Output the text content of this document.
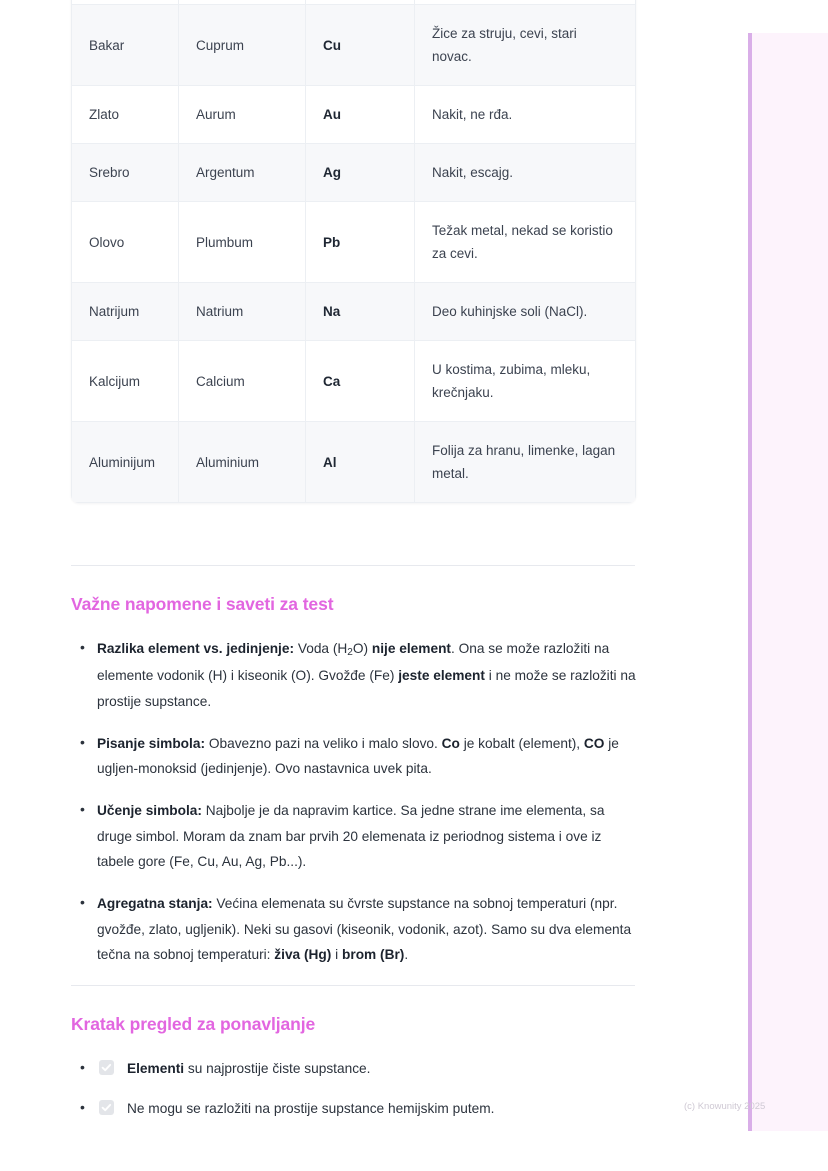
Bakar	Cuprum	Cu	Žice za struju, cevi, stari novac.
Zlato	Aurum	Au	Nakit, ne rđa.
Srebro	Argentum	Ag	Nakit, escajg.
Olovo	Plumbum	Pb	Težak metal, nekad se koristio za cevi.
Natrijum	Natrium	Na	Deo kuhinjske soli (NaCl).
Kalcijum	Calcium	Ca	U kostima, zubima, mleku, krečnjaku.
Aluminijum	Aluminium	Al	Folija za hranu, limenke, lagan metal.
Važne napomene i saveti za test
• Razlika element vs. jedinjenje: Voda $(H_2O)$ nije element. Ona se može razložiti na elemente vodonik (H) i kiseonik (O). Gvožđe (Fe) jeste element i ne može se razložiti na prostije supstance.
• Pisanje simbola: Obavezno pazi na veliko i malo slovo. Co je kobalt (element), CO je ugljen-monoksid (jedinjenje). Ovo nastavnica uvek pita.
• Učenje simbola: Najbolje je da napravim kartice. Sa jedne strane ime elementa, sa druge simbol. Moram da znam bar prvih 20 elemenata iz periodnog sistema i ove iz tabele gore (Fe, Cu, Au, Ag, Pb...).
• Agregatna stanja: Većina elemenata su čvrste supstance na sobnoj temperaturi (npr. gvožđe, zlato, ugljenik). Neki su gasovi (kiseonik, vodonik, azot). Samo su dva elementa tečna na sobnoj temperaturi: živa (Hg) i brom (Br).
Kratak pregled za ponavljanje
• Elementi su najprostije čiste supstance.
• Ne mogu se razložiti na prostije supstance hemijskim putem.	(c) Knowunity 2025
